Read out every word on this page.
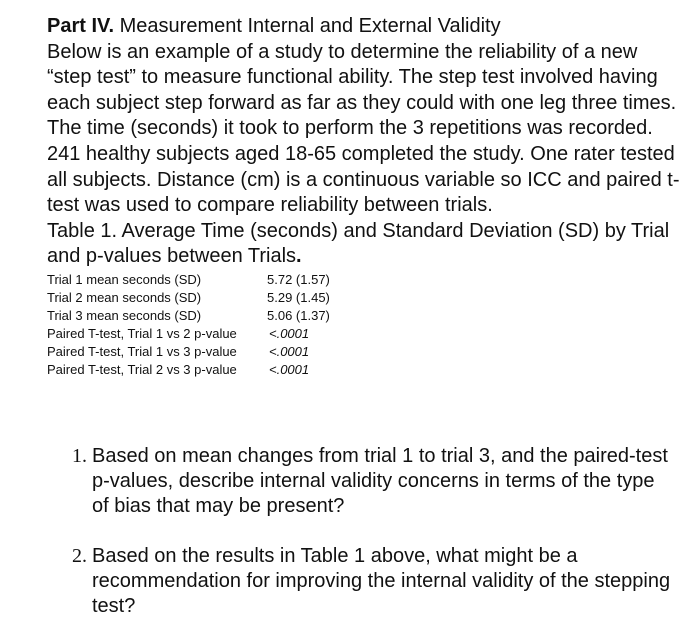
Part IV. Measurement Internal and External Validity

Below is an example of a study to determine the reliability of a new “step test” to measure functional ability. The step test involved having each subject step forward as far as they could with one leg three times. The time (seconds) it took to perform the 3 repetitions was recorded. 241 healthy subjects aged 18-65 completed the study. One rater tested all subjects. Distance (cm) is a continuous variable so ICC and paired t-test was used to compare reliability between trials.

Table 1. Average Time (seconds) and Standard Deviation (SD) by Trial and p-values between Trials.

Trial 1 mean seconds (SD)	5.72 (1.57)
Trial 2 mean seconds (SD)	5.29 (1.45)
Trial 3 mean seconds (SD)	5.06 (1.37)
Paired T-test, Trial 1 vs 2 p-value	<.0001
Paired T-test, Trial 1 vs 3 p-value	<.0001
Paired T-test, Trial 2 vs 3 p-value	<.0001
1. Based on mean changes from trial 1 to trial 3, and the paired-test p-values, describe internal validity concerns in terms of the type of bias that may be present?
2. Based on the results in Table 1 above, what might be a recommendation for improving the internal validity of the stepping test?
